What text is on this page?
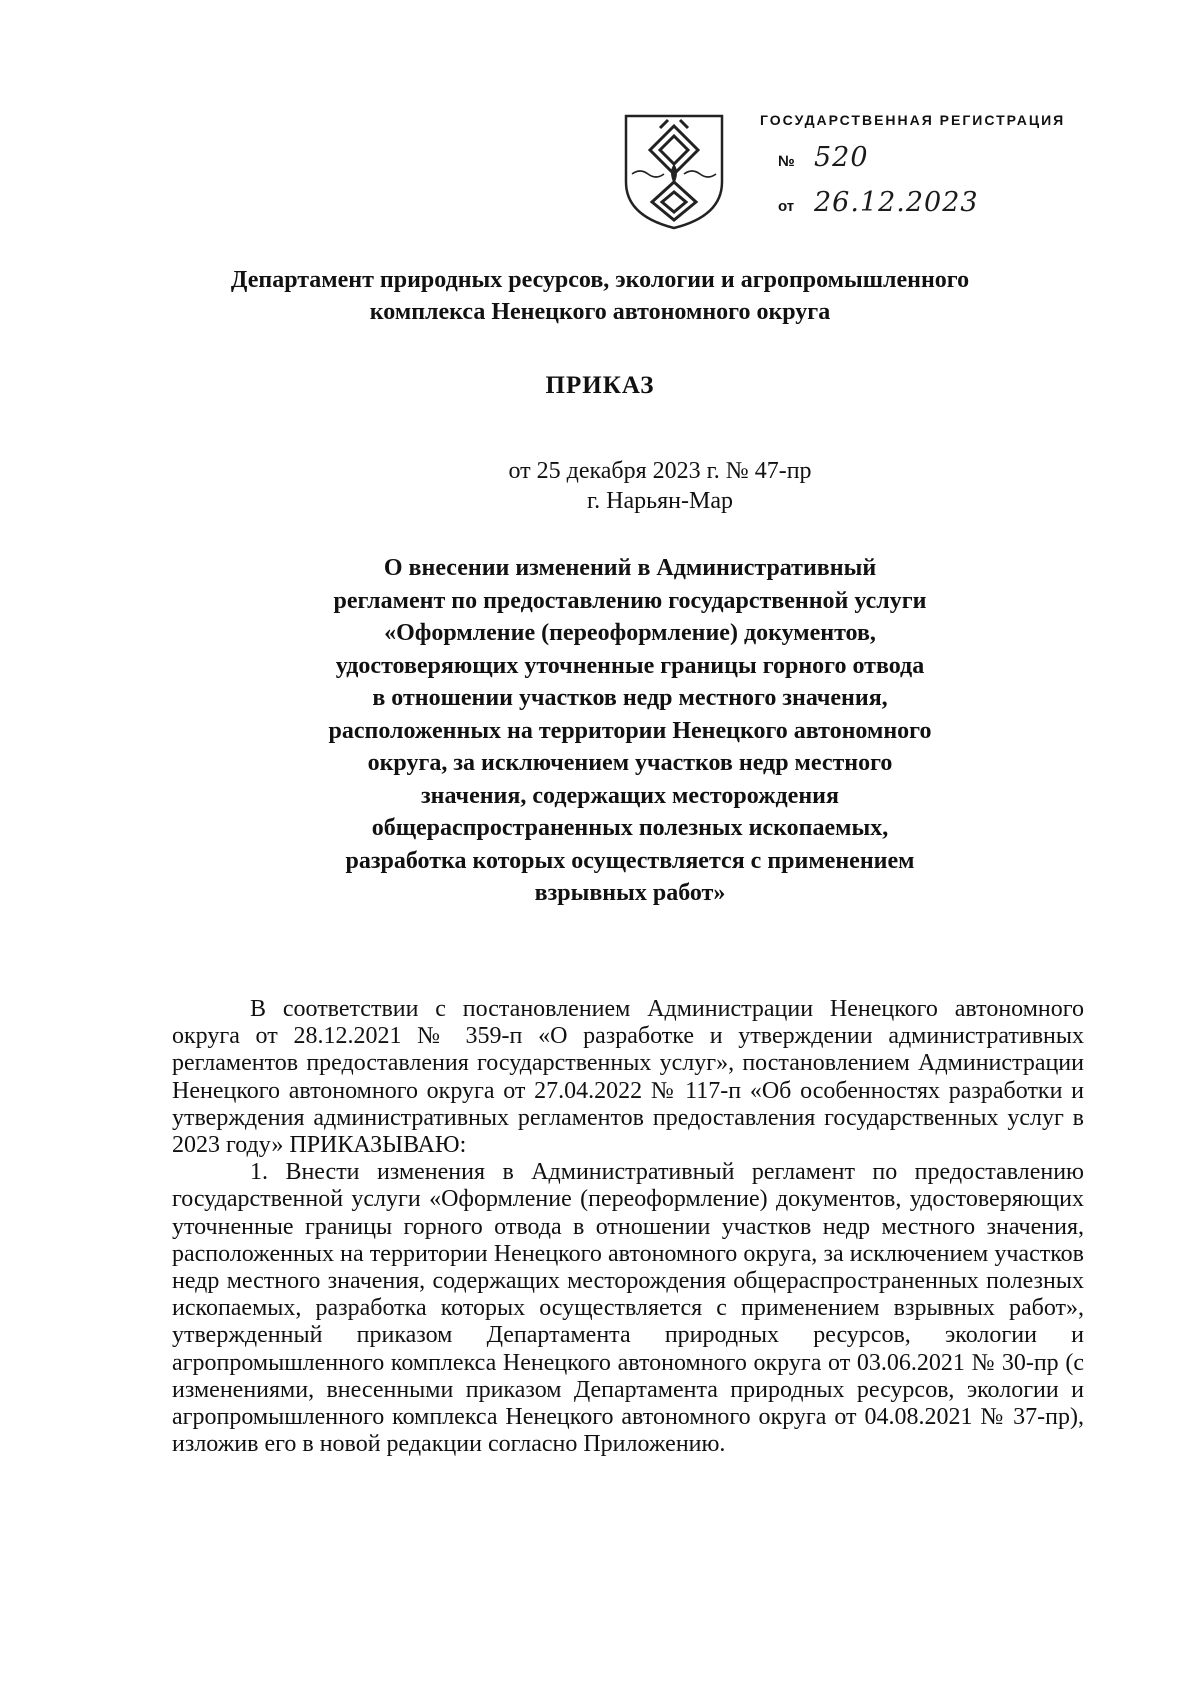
ГОСУДАРСТВЕННАЯ РЕГИСТРАЦИЯ
№ 520
от 26.12.2023
Департамент природных ресурсов, экологии и агропромышленного
комплекса Ненецкого автономного округа
ПРИКАЗ
от 25 декабря 2023 г. № 47-пр
г. Нарьян-Мар
О внесении изменений в Административный
регламент по предоставлению государственной услуги
«Оформление (переоформление) документов,
удостоверяющих уточненные границы горного отвода
в отношении участков недр местного значения,
расположенных на территории Ненецкого автономного
округа, за исключением участков недр местного
значения, содержащих месторождения
общераспространенных полезных ископаемых,
разработка которых осуществляется с применением
взрывных работ»

В соответствии с постановлением Администрации Ненецкого автономного округа от 28.12.2021 № 359-п «О разработке и утверждении административных регламентов предоставления государственных услуг», постановлением Администрации Ненецкого автономного округа от 27.04.2022 № 117-п «Об особенностях разработки и утверждения административных регламентов предоставления государственных услуг в 2023 году» ПРИКАЗЫВАЮ:

1. Внести изменения в Административный регламент по предоставлению государственной услуги «Оформление (переоформление) документов, удостоверяющих уточненные границы горного отвода в отношении участков недр местного значения, расположенных на территории Ненецкого автономного округа, за исключением участков недр местного значения, содержащих месторождения общераспространенных полезных ископаемых, разработка которых осуществляется с применением взрывных работ», утвержденный приказом Департамента природных ресурсов, экологии и агропромышленного комплекса Ненецкого автономного округа от 03.06.2021 № 30-пр (с изменениями, внесенными приказом Департамента природных ресурсов, экологии и агропромышленного комплекса Ненецкого автономного округа от 04.08.2021 № 37-пр), изложив его в новой редакции согласно Приложению.
